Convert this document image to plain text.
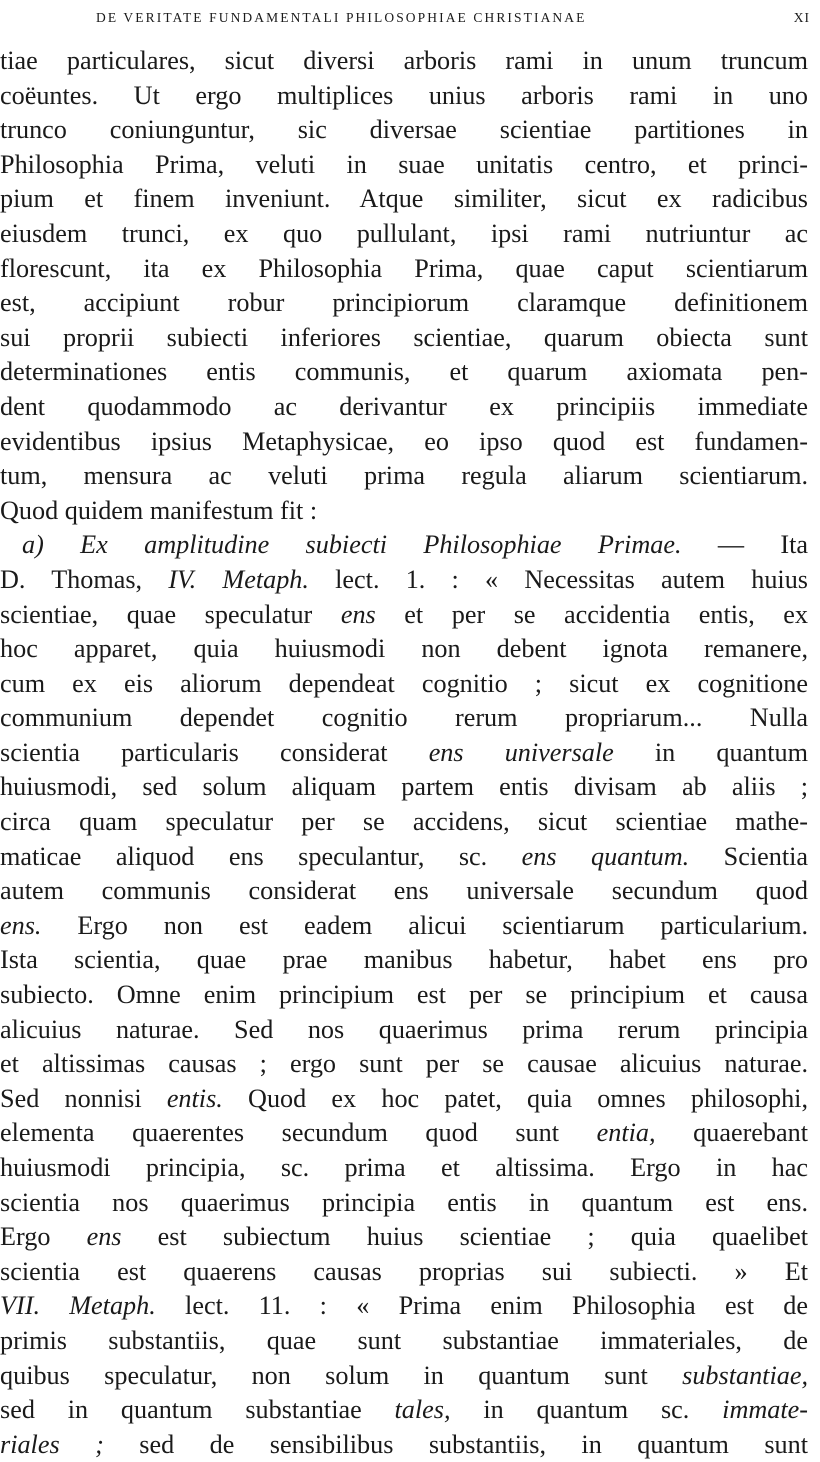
DE VERITATE FUNDAMENTALI PHILOSOPHIAE CHRISTIANAE	XI
tiae particulares, sicut diversi arboris rami in unum truncum
coëuntes. Ut ergo multiplices unius arboris rami in uno
trunco coniunguntur, sic diversae scientiae partitiones in
Philosophia Prima, veluti in suae unitatis centro, et princi-
pium et finem inveniunt. Atque similiter, sicut ex radicibus
eiusdem trunci, ex quo pullulant, ipsi rami nutriuntur ac
florescunt, ita ex Philosophia Prima, quae caput scientiarum
est, accipiunt robur principiorum claramque definitionem
sui proprii subiecti inferiores scientiae, quarum obiecta sunt
determinationes entis communis, et quarum axiomata pen-
dent quodammodo ac derivantur ex principiis immediate
evidentibus ipsius Metaphysicae, eo ipso quod est fundamen-
tum, mensura ac veluti prima regula aliarum scientiarum.
Quod quidem manifestum fit :
a) Ex amplitudine subiecti Philosophiae Primae. — Ita
D. Thomas, IV. Metaph. lect. 1. : « Necessitas autem huius
scientiae, quae speculatur ens et per se accidentia entis, ex
hoc apparet, quia huiusmodi non debent ignota remanere,
cum ex eis aliorum dependeat cognitio ; sicut ex cognitione
communium dependet cognitio rerum propriarum... Nulla
scientia particularis considerat ens universale in quantum
huiusmodi, sed solum aliquam partem entis divisam ab aliis ;
circa quam speculatur per se accidens, sicut scientiae mathe-
maticae aliquod ens speculantur, sc. ens quantum. Scientia
autem communis considerat ens universale secundum quod
ens. Ergo non est eadem alicui scientiarum particularium.
Ista scientia, quae prae manibus habetur, habet ens pro
subiecto. Omne enim principium est per se principium et causa
alicuius naturae. Sed nos quaerimus prima rerum principia
et altissimas causas ; ergo sunt per se causae alicuius naturae.
Sed nonnisi entis. Quod ex hoc patet, quia omnes philosophi,
elementa quaerentes secundum quod sunt entia, quaerebant
huiusmodi principia, sc. prima et altissima. Ergo in hac
scientia nos quaerimus principia entis in quantum est ens.
Ergo ens est subiectum huius scientiae ; quia quaelibet
scientia est quaerens causas proprias sui subiecti. » Et
VII. Metaph. lect. 11. : « Prima enim Philosophia est de
primis substantiis, quae sunt substantiae immateriales, de
quibus speculatur, non solum in quantum sunt substantiae,
sed in quantum substantiae tales, in quantum sc. immate-
riales ; sed de sensibilibus substantiis, in quantum sunt
